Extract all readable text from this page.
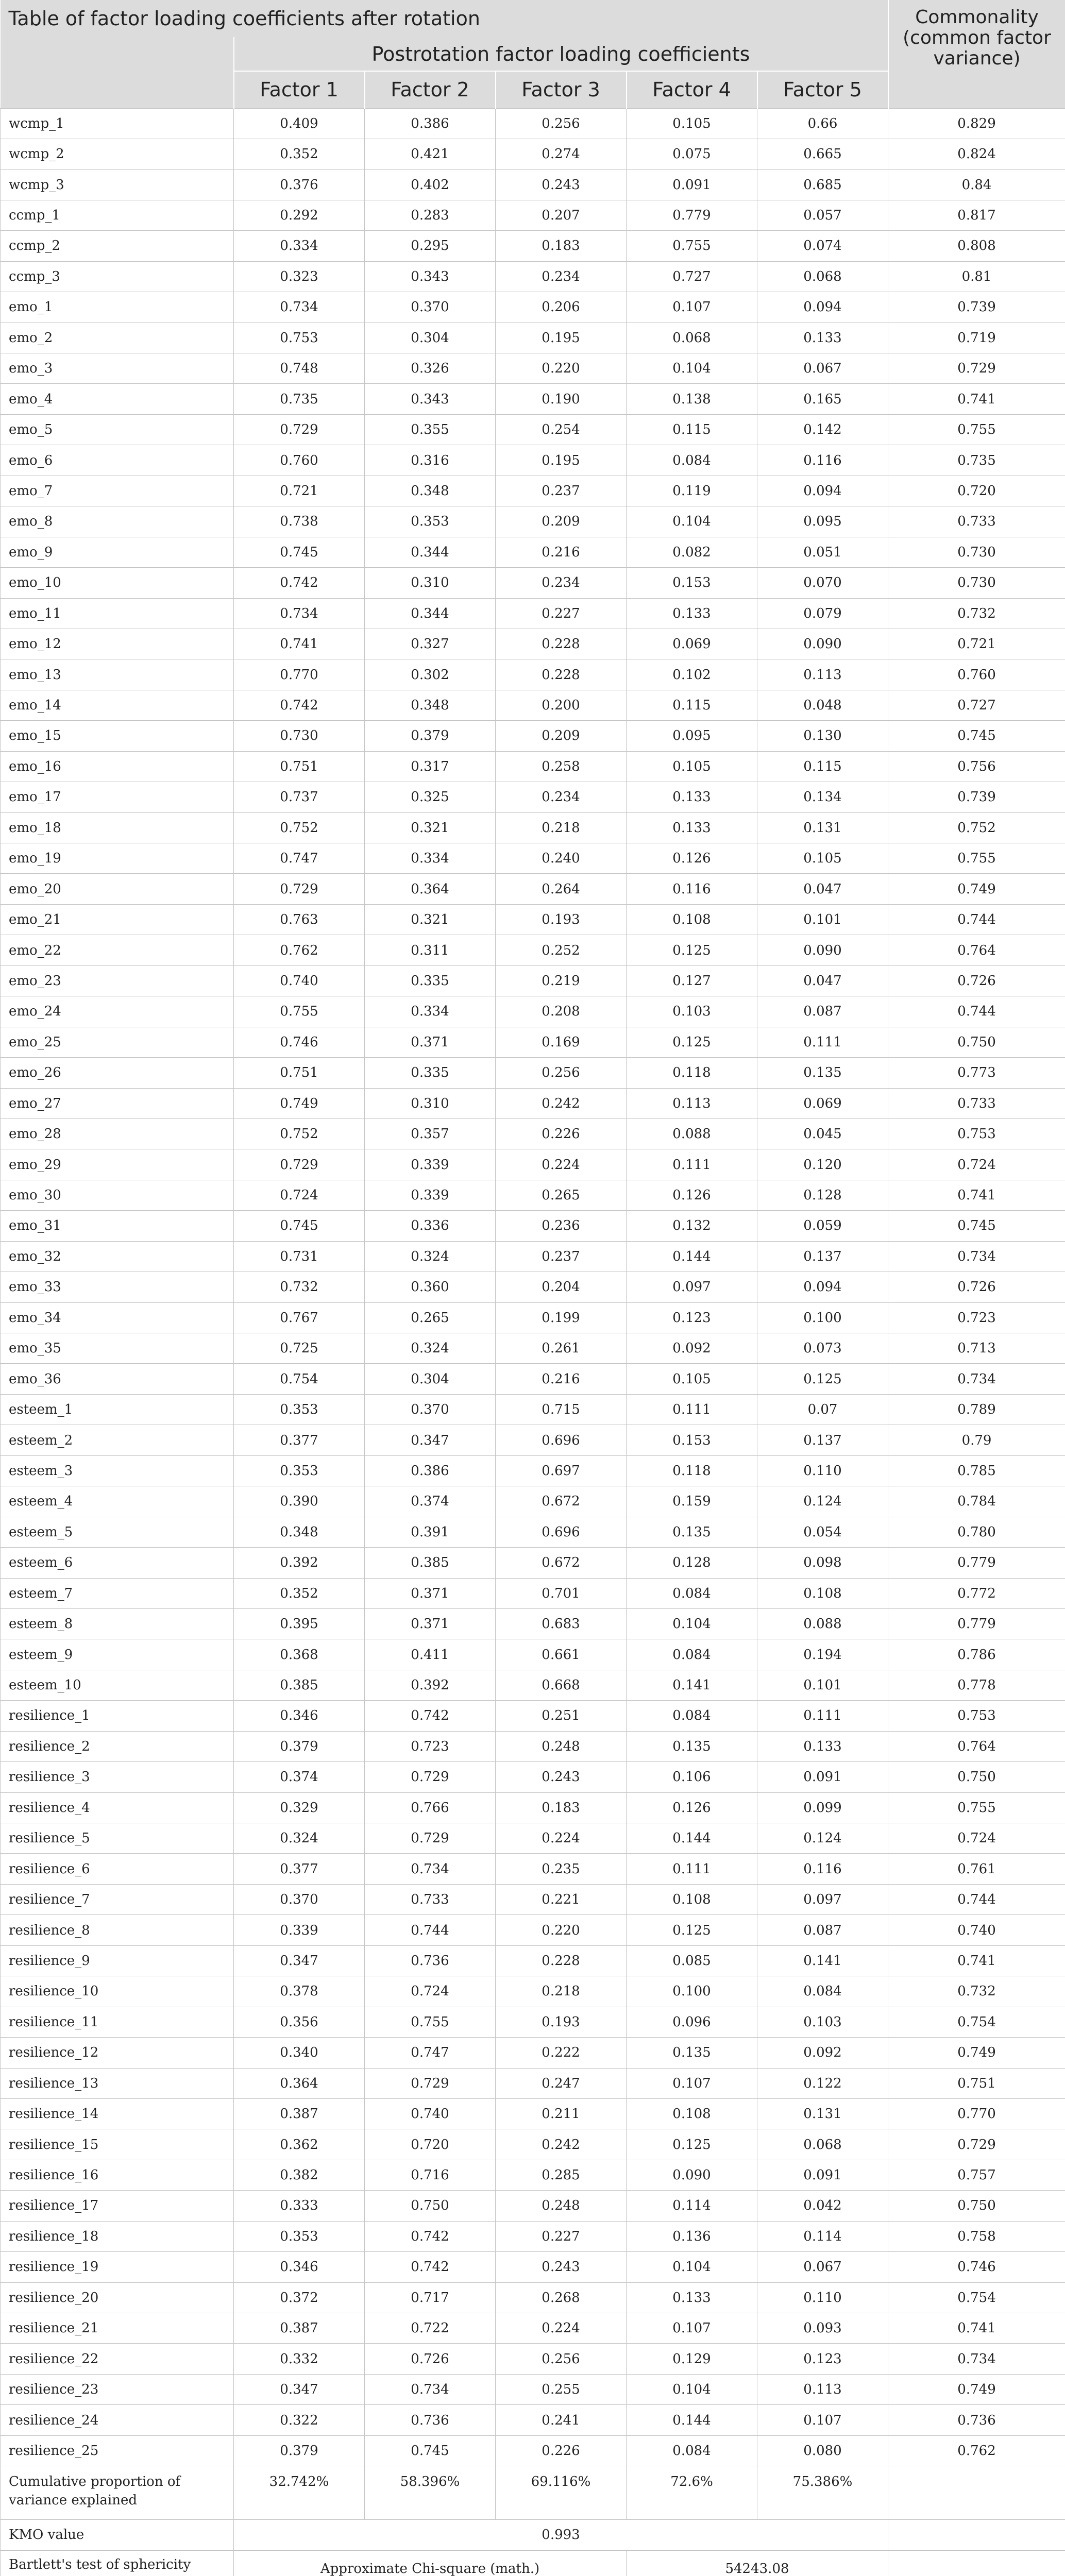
Table of factor loading coefficients after rotation						Commonality (common factor variance)
	Postrotation factor loading coefficients					
	Factor 1	Factor 2	Factor 3	Factor 4	Factor 5	
wcmp_1	0.409	0.386	0.256	0.105	0.66	0.829
wcmp_2	0.352	0.421	0.274	0.075	0.665	0.824
wcmp_3	0.376	0.402	0.243	0.091	0.685	0.84
ccmp_1	0.292	0.283	0.207	0.779	0.057	0.817
ccmp_2	0.334	0.295	0.183	0.755	0.074	0.808
ccmp_3	0.323	0.343	0.234	0.727	0.068	0.81
emo_1	0.734	0.370	0.206	0.107	0.094	0.739
emo_2	0.753	0.304	0.195	0.068	0.133	0.719
emo_3	0.748	0.326	0.220	0.104	0.067	0.729
emo_4	0.735	0.343	0.190	0.138	0.165	0.741
emo_5	0.729	0.355	0.254	0.115	0.142	0.755
emo_6	0.760	0.316	0.195	0.084	0.116	0.735
emo_7	0.721	0.348	0.237	0.119	0.094	0.720
emo_8	0.738	0.353	0.209	0.104	0.095	0.733
emo_9	0.745	0.344	0.216	0.082	0.051	0.730
emo_10	0.742	0.310	0.234	0.153	0.070	0.730
emo_11	0.734	0.344	0.227	0.133	0.079	0.732
emo_12	0.741	0.327	0.228	0.069	0.090	0.721
emo_13	0.770	0.302	0.228	0.102	0.113	0.760
emo_14	0.742	0.348	0.200	0.115	0.048	0.727
emo_15	0.730	0.379	0.209	0.095	0.130	0.745
emo_16	0.751	0.317	0.258	0.105	0.115	0.756
emo_17	0.737	0.325	0.234	0.133	0.134	0.739
emo_18	0.752	0.321	0.218	0.133	0.131	0.752
emo_19	0.747	0.334	0.240	0.126	0.105	0.755
emo_20	0.729	0.364	0.264	0.116	0.047	0.749
emo_21	0.763	0.321	0.193	0.108	0.101	0.744
emo_22	0.762	0.311	0.252	0.125	0.090	0.764
emo_23	0.740	0.335	0.219	0.127	0.047	0.726
emo_24	0.755	0.334	0.208	0.103	0.087	0.744
emo_25	0.746	0.371	0.169	0.125	0.111	0.750
emo_26	0.751	0.335	0.256	0.118	0.135	0.773
emo_27	0.749	0.310	0.242	0.113	0.069	0.733
emo_28	0.752	0.357	0.226	0.088	0.045	0.753
emo_29	0.729	0.339	0.224	0.111	0.120	0.724
emo_30	0.724	0.339	0.265	0.126	0.128	0.741
emo_31	0.745	0.336	0.236	0.132	0.059	0.745
emo_32	0.731	0.324	0.237	0.144	0.137	0.734
emo_33	0.732	0.360	0.204	0.097	0.094	0.726
emo_34	0.767	0.265	0.199	0.123	0.100	0.723
emo_35	0.725	0.324	0.261	0.092	0.073	0.713
emo_36	0.754	0.304	0.216	0.105	0.125	0.734
esteem_1	0.353	0.370	0.715	0.111	0.07	0.789
esteem_2	0.377	0.347	0.696	0.153	0.137	0.79
esteem_3	0.353	0.386	0.697	0.118	0.110	0.785
esteem_4	0.390	0.374	0.672	0.159	0.124	0.784
esteem_5	0.348	0.391	0.696	0.135	0.054	0.780
esteem_6	0.392	0.385	0.672	0.128	0.098	0.779
esteem_7	0.352	0.371	0.701	0.084	0.108	0.772
esteem_8	0.395	0.371	0.683	0.104	0.088	0.779
esteem_9	0.368	0.411	0.661	0.084	0.194	0.786
esteem_10	0.385	0.392	0.668	0.141	0.101	0.778
resilience_1	0.346	0.742	0.251	0.084	0.111	0.753
resilience_2	0.379	0.723	0.248	0.135	0.133	0.764
resilience_3	0.374	0.729	0.243	0.106	0.091	0.750
resilience_4	0.329	0.766	0.183	0.126	0.099	0.755
resilience_5	0.324	0.729	0.224	0.144	0.124	0.724
resilience_6	0.377	0.734	0.235	0.111	0.116	0.761
resilience_7	0.370	0.733	0.221	0.108	0.097	0.744
resilience_8	0.339	0.744	0.220	0.125	0.087	0.740
resilience_9	0.347	0.736	0.228	0.085	0.141	0.741
resilience_10	0.378	0.724	0.218	0.100	0.084	0.732
resilience_11	0.356	0.755	0.193	0.096	0.103	0.754
resilience_12	0.340	0.747	0.222	0.135	0.092	0.749
resilience_13	0.364	0.729	0.247	0.107	0.122	0.751
resilience_14	0.387	0.740	0.211	0.108	0.131	0.770
resilience_15	0.362	0.720	0.242	0.125	0.068	0.729
resilience_16	0.382	0.716	0.285	0.090	0.091	0.757
resilience_17	0.333	0.750	0.248	0.114	0.042	0.750
resilience_18	0.353	0.742	0.227	0.136	0.114	0.758
resilience_19	0.346	0.742	0.243	0.104	0.067	0.746
resilience_20	0.372	0.717	0.268	0.133	0.110	0.754
resilience_21	0.387	0.722	0.224	0.107	0.093	0.741
resilience_22	0.332	0.726	0.256	0.129	0.123	0.734
resilience_23	0.347	0.734	0.255	0.104	0.113	0.749
resilience_24	0.322	0.736	0.241	0.144	0.107	0.736
resilience_25	0.379	0.745	0.226	0.084	0.080	0.762
Cumulative proportion of variance explained	32.742%	58.396%	69.116%	72.6%	75.386%	
KMO value	0.993					
Bartlett's test of sphericity	Approximate Chi-square (math.)			54243.08		
